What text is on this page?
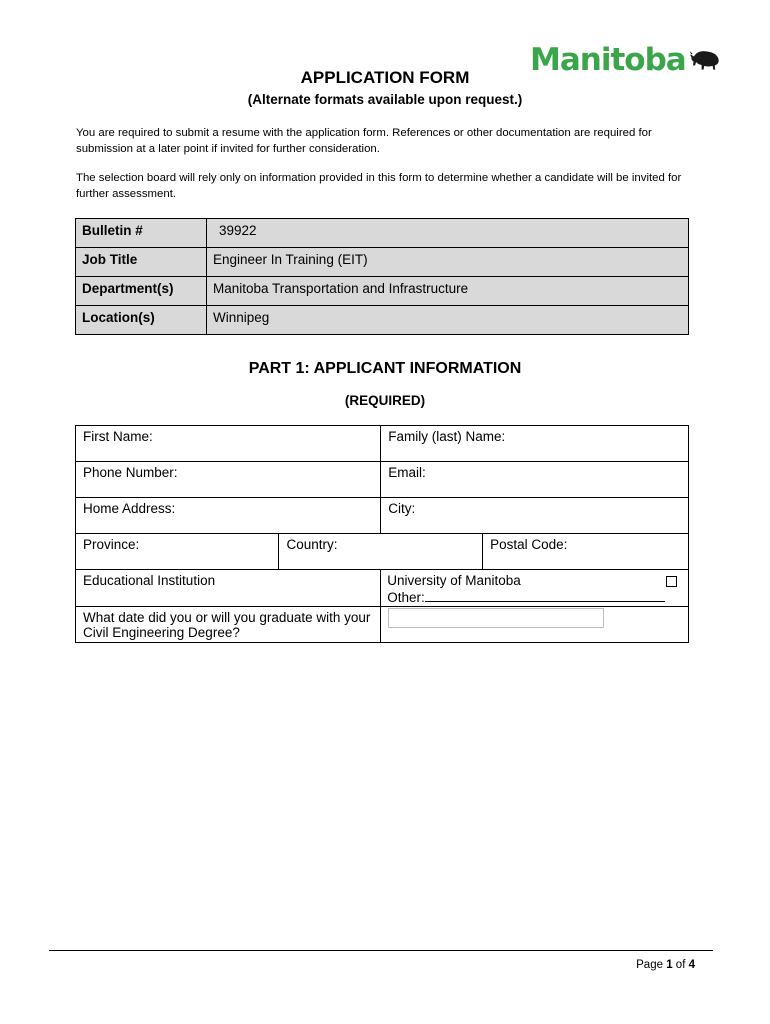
Manitoba
APPLICATION FORM
(Alternate formats available upon request.)
You are required to submit a resume with the application form. References or other documentation are required for submission at a later point if invited for further consideration.
The selection board will rely only on information provided in this form to determine whether a candidate will be invited for further assessment.
Bulletin #	39922
Job Title	Engineer In Training (EIT)
Department(s)	Manitoba Transportation and Infrastructure
Location(s)	Winnipeg
PART 1: APPLICANT INFORMATION
(REQUIRED)
First Name:		Family (last) Name:	
Phone Number:		Email:	
Home Address:		City:	
Province:	Country:		Postal Code:
Educational Institution		University of Manitoba
Other:	

What date did you or will you graduate with your Civil Engineering Degree?			
Page 1 of 4
